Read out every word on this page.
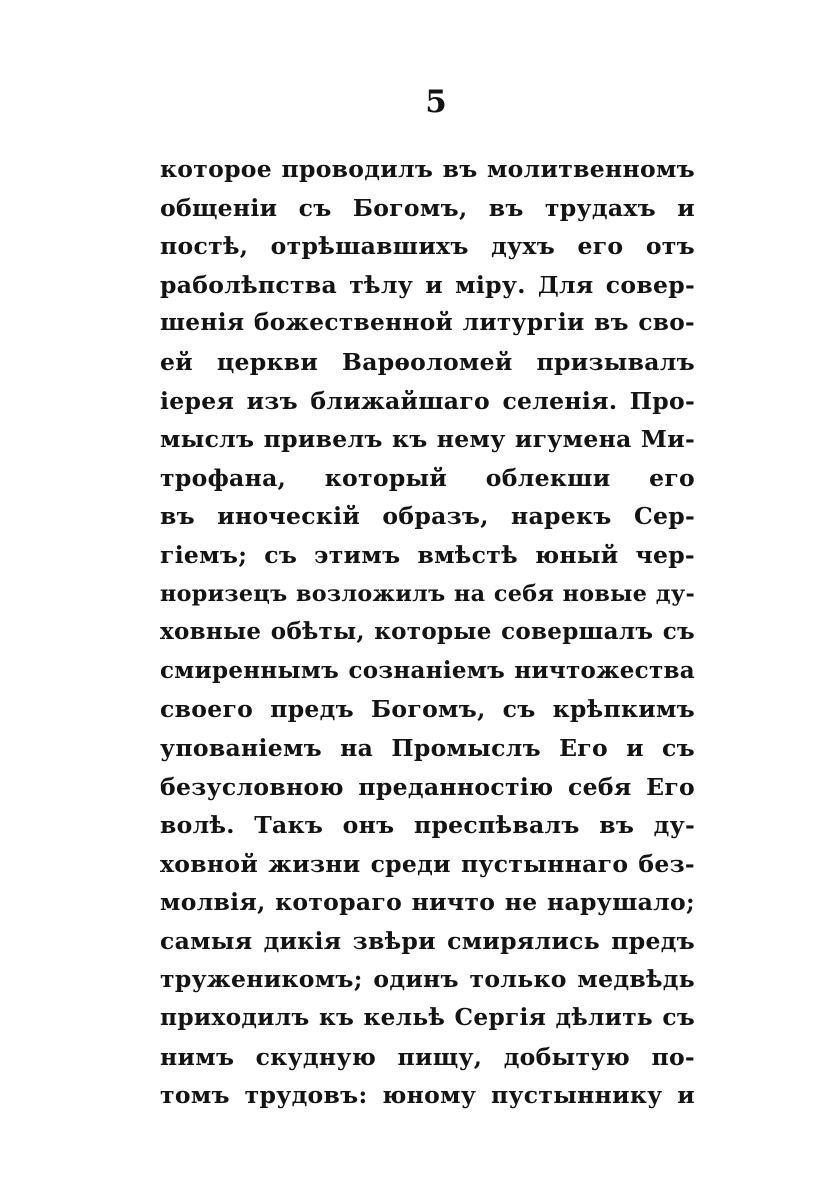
5
которое проводилъ въ молитвенномъ
общеніи съ Богомъ, въ трудахъ и
постѣ, отрѣшавшихъ духъ его отъ
раболѣпства тѣлу и міру. Для совер-
шенія божественной литургіи въ сво-
ей церкви Варѳоломей призывалъ
іерея изъ ближайшаго селенія. Про-
мыслъ привелъ къ нему игумена Ми-
трофана, который облекши его
въ иноческій образъ, нарекъ Сер-
гіемъ; съ этимъ вмѣстѣ юный чер-
норизецъ возложилъ на себя новые ду-
ховные обѣты, которые совершалъ съ
смиреннымъ сознаніемъ ничтожества
своего предъ Богомъ, съ крѣпкимъ
упованіемъ на Промыслъ Его и съ
безусловною преданностію себя Его
волѣ. Такъ онъ преспѣвалъ въ ду-
ховной жизни среди пустыннаго без-
молвія, котораго ничто не нарушало;
самыя дикія звѣри смирялись предъ
труженикомъ; одинъ только медвѣдь
приходилъ къ кельѣ Сергія дѣлить съ
нимъ скудную пищу, добытую по-
томъ трудовъ: юному пустыннику и
